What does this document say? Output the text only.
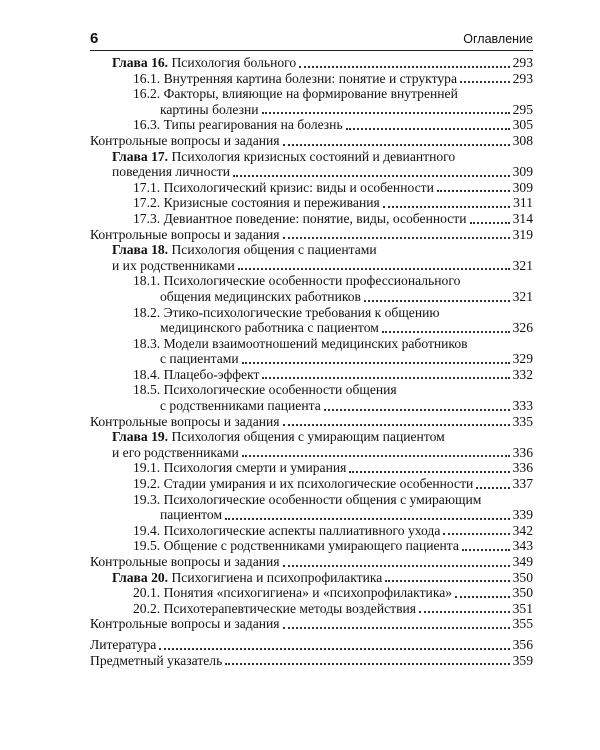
6	Оглавление
Глава 16. Психология больного	293
16.1. Внутренняя картина болезни: понятие и структура	293
16.2. Факторы, влияющие на формирование внутренней
картины болезни	295
16.3. Типы реагирования на болезнь	305
Контрольные вопросы и задания	308
Глава 17. Психология кризисных состояний и девиантного
поведения личности	309
17.1. Психологический кризис: виды и особенности	309
17.2. Кризисные состояния и переживания	311
17.3. Девиантное поведение: понятие, виды, особенности	314
Контрольные вопросы и задания	319
Глава 18. Психология общения с пациентами
и их родственниками	321
18.1. Психологические особенности профессионального
общения медицинских работников	321
18.2. Этико-психологические требования к общению
медицинского работника с пациентом	326
18.3. Модели взаимоотношений медицинских работников
с пациентами	329
18.4. Плацебо-эффект	332
18.5. Психологические особенности общения
с родственниками пациента	333
Контрольные вопросы и задания	335
Глава 19. Психология общения с умирающим пациентом
и его родственниками	336
19.1. Психология смерти и умирания	336
19.2. Стадии умирания и их психологические особенности	337
19.3. Психологические особенности общения с умирающим
пациентом	339
19.4. Психологические аспекты паллиативного ухода	342
19.5. Общение с родственниками умирающего пациента	343
Контрольные вопросы и задания	349
Глава 20. Психогигиена и психопрофилактика	350
20.1. Понятия «психогигиена» и «психопрофилактика»	350
20.2. Психотерапевтические методы воздействия	351
Контрольные вопросы и задания	355
Литература	356
Предметный указатель	359
